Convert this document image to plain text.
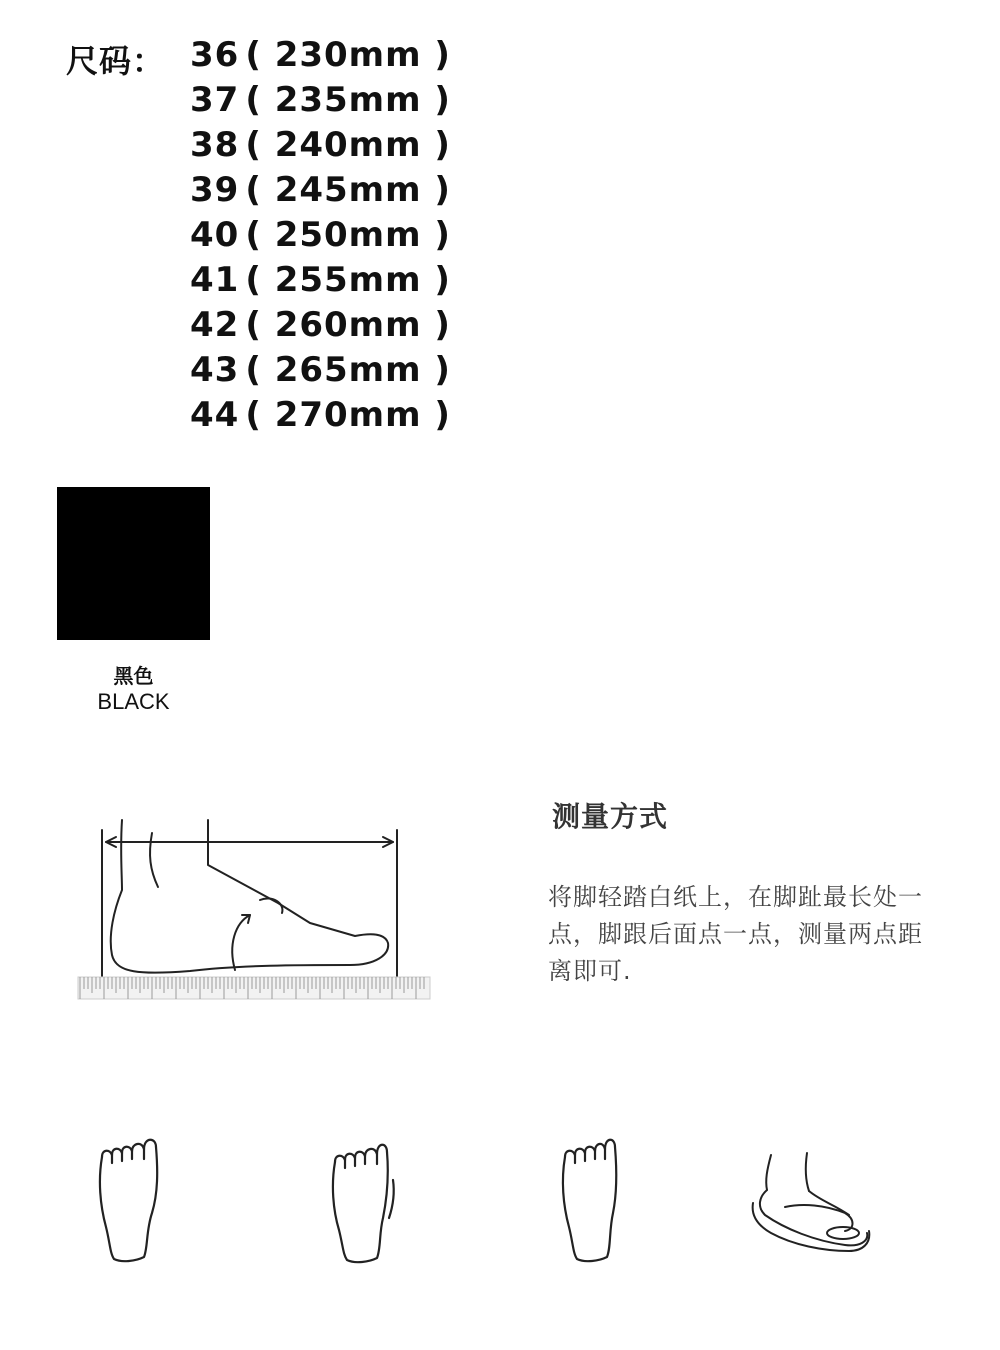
尺码： 36 ( 230mm )
37 ( 235mm )
38 ( 240mm )
39 ( 245mm )
40 ( 250mm )
41 ( 255mm )
42 ( 260mm )
43 ( 265mm )
44 ( 270mm )
黑色
BLACK
测量方式
将脚轻踏白纸上，在脚趾最长处一点，脚跟后面点一点，测量两点距离即可.
